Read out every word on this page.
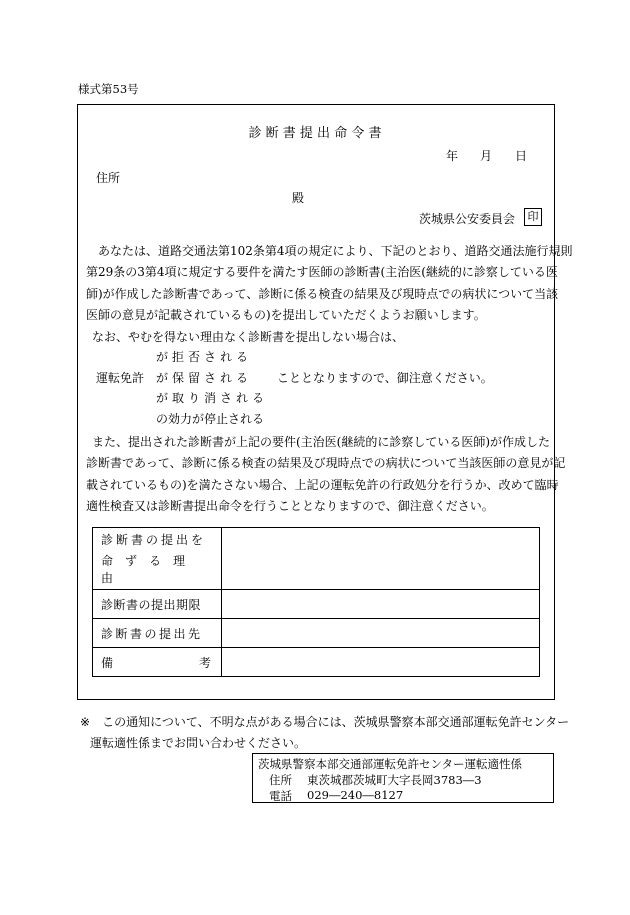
様式第53号
診 断 書 提 出 命 令 書
年 月 日
住所
殿
茨城県公安委員会	印
あなたは、道路交通法第102条第4項の規定により、下記のとおり、道路交通法施行規則
第29条の3第4項に規定する要件を満たす医師の診断書(主治医(継続的に診察している医
師)が作成した診断書であって、診断に係る検査の結果及び現時点での病状について当該
医師の意見が記載されているもの)を提出していただくようお願いします。
なお、やむを得ない理由なく診断書を提出しない場合は、
が拒否される
が保留される
が取り消される
の効力が停止される
運転免許	こととなりますので、御注意ください。
また、提出された診断書が上記の要件(主治医(継続的に診察している医師)が作成した
診断書であって、診断に係る検査の結果及び現時点での病状について当該医師の意見が記
載されているもの)を満たさない場合、上記の運転免許の行政処分を行うか、改めて臨時
適性検査又は診断書提出命令を行うこととなりますので、御注意ください。
診断書の提出を
命ずる理由	

診断書の提出期限	
診断書の提出先	

備 考	

※ この通知について、不明な点がある場合には、茨城県警察本部交通部運転免許センター
運転適性係までお問い合わせください。
茨城県警察本部交通部運転免許センター運転適性係
住所 東茨城郡茨城町大字長岡3783―3
電話 029―240―8127
